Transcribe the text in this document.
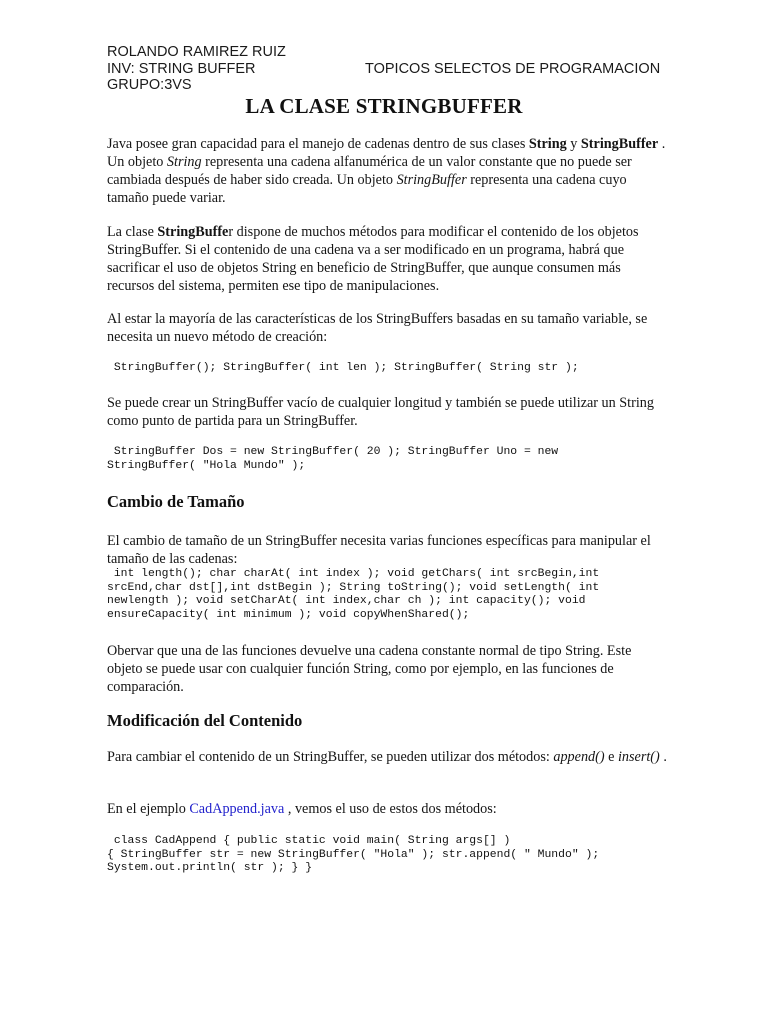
ROLANDO RAMIREZ RUIZ
INV: STRING BUFFER	TOPICOS SELECTOS DE PROGRAMACION
GRUPO:3VS
LA CLASE STRINGBUFFER
Java posee gran capacidad para el manejo de cadenas dentro de sus clases String y StringBuffer . Un objeto String representa una cadena alfanumérica de un valor constante que no puede ser cambiada después de haber sido creada. Un objeto StringBuffer representa una cadena cuyo tamaño puede variar.
La clase StringBuffer dispone de muchos métodos para modificar el contenido de los objetos StringBuffer. Si el contenido de una cadena va a ser modificado en un programa, habrá que sacrificar el uso de objetos String en beneficio de StringBuffer, que aunque consumen más recursos del sistema, permiten ese tipo de manipulaciones.
Al estar la mayoría de las características de los StringBuffers basadas en su tamaño variable, se necesita un nuevo método de creación:
StringBuffer(); StringBuffer( int len ); StringBuffer( String str );
Se puede crear un StringBuffer vacío de cualquier longitud y también se puede utilizar un String como punto de partida para un StringBuffer.
StringBuffer Dos = new StringBuffer( 20 ); StringBuffer Uno = new
StringBuffer( "Hola Mundo" );
Cambio de Tamaño
El cambio de tamaño de un StringBuffer necesita varias funciones específicas para manipular el tamaño de las cadenas:
int length(); char charAt( int index ); void getChars( int srcBegin,int
srcEnd,char dst[],int dstBegin ); String toString(); void setLength( int
newlength ); void setCharAt( int index,char ch ); int capacity(); void
ensureCapacity( int minimum ); void copyWhenShared();
Obervar que una de las funciones devuelve una cadena constante normal de tipo String. Este objeto se puede usar con cualquier función String, como por ejemplo, en las funciones de comparación.
Modificación del Contenido
Para cambiar el contenido de un StringBuffer, se pueden utilizar dos métodos: append() e insert() .
En el ejemplo CadAppend.java , vemos el uso de estos dos métodos:
class CadAppend { public static void main( String args[] )
{ StringBuffer str = new StringBuffer( "Hola" ); str.append( " Mundo" );
System.out.println( str ); } }
